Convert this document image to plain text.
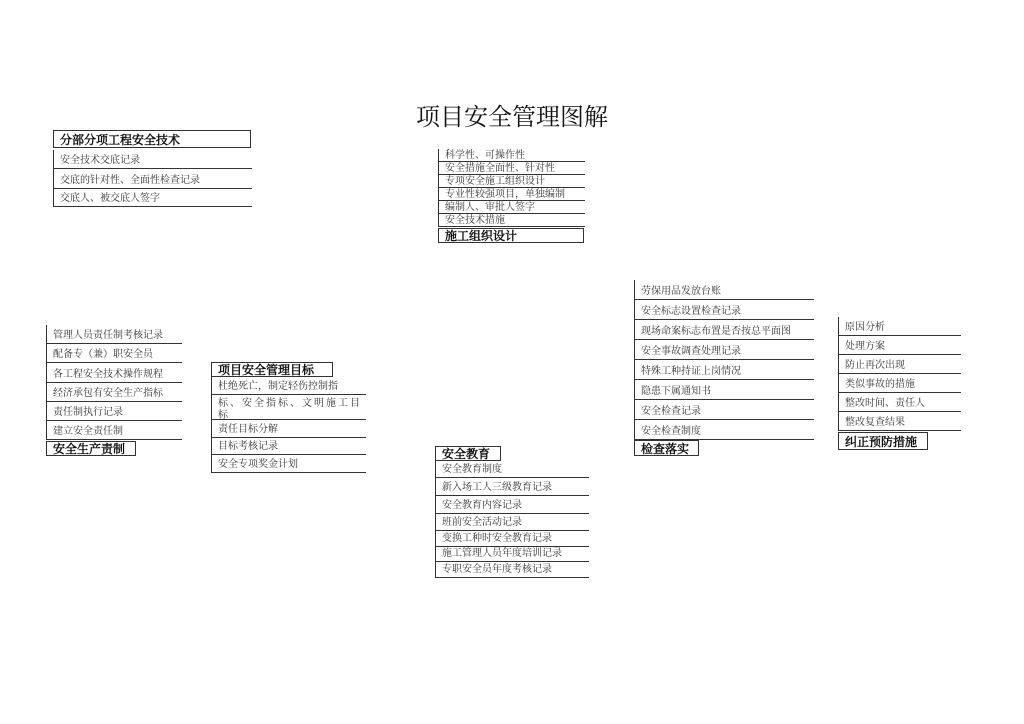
项目安全管理图解
安全技术交底记录
交底的针对性、全面性检查记录
交底人、被交底人签字
分部分项工程安全技术
科学性、可操作性
安全措施全面性、针对性
专项安全施工组织设计
专业性较强项目，单独编制
编制人、审批人签字
安全技术措施
施工组织设计
管理人员责任制考核记录
配备专（兼）职安全员
各工程安全技术操作规程
经济承包有安全生产指标
责任制执行记录
建立安全责任制
安全生产责制
杜绝死亡，制定轻伤控制指
标、安全指标、文明施工目标
责任目标分解
目标考核记录
安全专项奖金计划
项目安全管理目标
安全教育制度
新入场工人三级教育记录
安全教育内容记录
班前安全活动记录
变换工种时安全教育记录
施工管理人员年度培训记录
专职安全员年度考核记录
安全教育
劳保用品发放台账
安全标志设置检查记录
现场命案标志布置是否按总平面图
安全事故调查处理记录
特殊工种持证上岗情况
隐患下属通知书
安全检查记录
安全检查制度
检查落实
原因分析
处理方案
防止再次出现
类似事故的措施
整改时间、责任人
整改复查结果
纠正预防措施
